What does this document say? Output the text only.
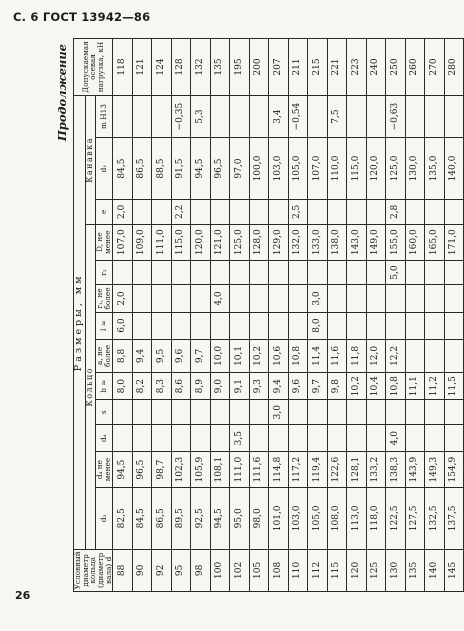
С. 6 ГОСТ 13942—86
26
Продолжение
Условный диаметр кольца (диаметр вала) d	Размеры, мм													Допускаемая осевая нагрузка, кН
	Кольцо										Канавка			
	d₃	d₄ не менее	d₄	s	b ≈	a, не более	l ≈	r₁, не более	r₂	D, не менее	e	d₁	m H13	
88	82,5	94,5			8,0	8,8	6,0	2,0		107,0	2,0	84,5		118
90	84,5	96,5			8,2	9,4				109,0		86,5		121
92	86,5	98,7			8,3	9,5				111,0		88,5		124
95	89,5	102,3			8,6	9,6				115,0	2,2	91,5	−0,35	128
98	92,5	105,9			8,9	9,7				120,0		94,5	5,3	132
100	94,5	108,1			9,0	10,0		4,0		121,0		96,5		135
102	95,0	111,0	3,5		9,1	10,1				125,0		97,0		195
105	98,0	111,6			9,3	10,2				128,0		100,0		200
108	101,0	114,8		3,0	9,4	10,6				129,0		103,0	3,4	207
110	103,0	117,2			9,6	10,8				132,0	2,5	105,0	−0,54	211
112	105,0	119,4			9,7	11,4	8,0	3,0		133,0		107,0		215
115	108,0	122,6			9,8	11,6				138,0		110,0	7,5	221
120	113,0	128,1			10,2	11,8				143,0		115,0		223
125	118,0	133,2			10,4	12,0				149,0		120,0		240
130	122,5	138,3	4,0		10,8	12,2			5,0	155,0	2,8	125,0	−0,63	250
135	127,5	143,9			11,1					160,0		130,0		260
140	132,5	149,3			11,2					165,0		135,0		270
145	137,5	154,9			11,5					171,0		140,0		280
